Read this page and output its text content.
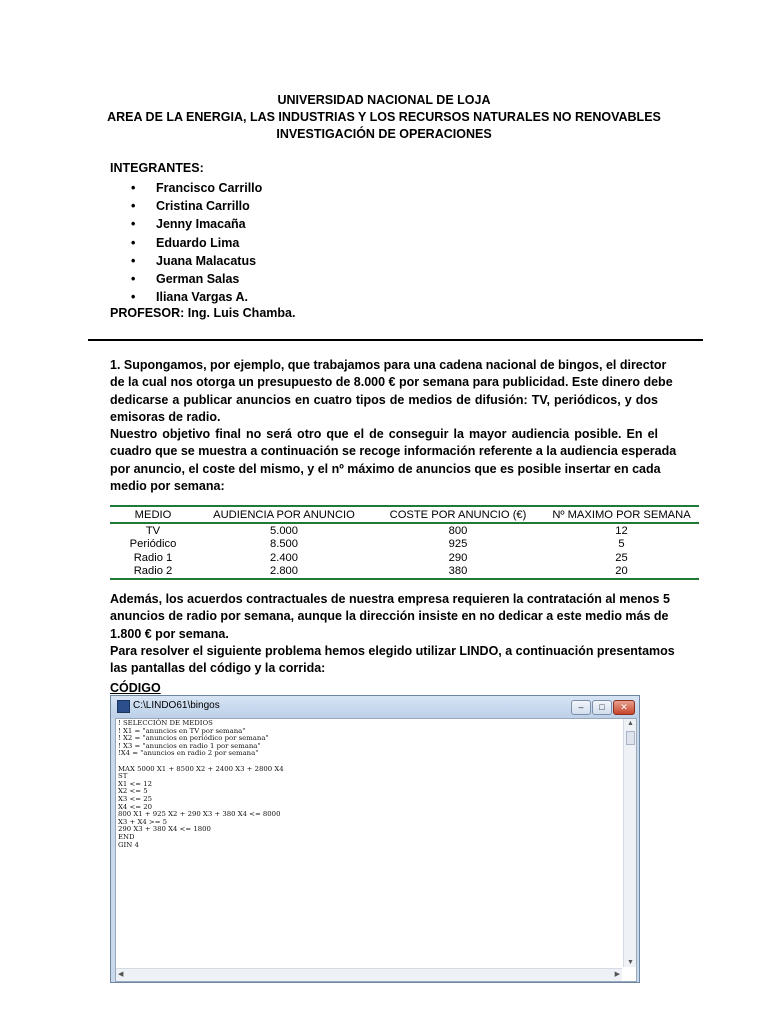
UNIVERSIDAD NACIONAL DE LOJA
AREA DE LA ENERGIA, LAS INDUSTRIAS Y LOS RECURSOS NATURALES NO RENOVABLES
INVESTIGACIÓN DE OPERACIONES
INTEGRANTES:
• Francisco Carrillo
• Cristina Carrillo
• Jenny Imacaña
• Eduardo Lima
• Juana Malacatus
• German Salas
• Iliana Vargas A.
PROFESOR: Ing. Luis Chamba.
1. Supongamos, por ejemplo, que trabajamos para una cadena nacional de bingos, el director
de la cual nos otorga un presupuesto de 8.000 € por semana para publicidad. Este dinero debe
dedicarse a publicar anuncios en cuatro tipos de medios de difusión: TV, periódicos, y dos
emisoras de radio.
Nuestro objetivo final no será otro que el de conseguir la mayor audiencia posible. En el
cuadro que se muestra a continuación se recoge información referente a la audiencia esperada
por anuncio, el coste del mismo, y el nº máximo de anuncios que es posible insertar en cada
medio por semana:
MEDIO	AUDIENCIA POR ANUNCIO	COSTE POR ANUNCIO (€)	Nº MAXIMO POR SEMANA
TV	5.000	800	12
Periódico	8.500	925	5
Radio 1	2.400	290	25
Radio 2	2.800	380	20
Además, los acuerdos contractuales de nuestra empresa requieren la contratación al menos 5
anuncios de radio por semana, aunque la dirección insiste en no dedicar a este medio más de
1.800 € por semana.
Para resolver el siguiente problema hemos elegido utilizar LINDO, a continuación presentamos
las pantallas del código y la corrida:
CÓDIGO
C:\LINDO61\bingos	–	□	✕
! SELECCIÓN DE MEDIOS
! X1 = "anuncios en TV por semana"
! X2 = "anuncios en periódico por semana"
! X3 = "anuncios en radio 1 por semana"
!X4 = "anuncios en radio 2 por semana"

MAX 5000 X1 + 8500 X2 + 2400 X3 + 2800 X4
ST
X1 <= 12
X2 <= 5
X3 <= 25
X4 <= 20
800 X1 + 925 X2 + 290 X3 + 380 X4 <= 8000
X3 + X4 >= 5
290 X3 + 380 X4 <= 1800
END
GIN 4
▲
▼
◀	▶
